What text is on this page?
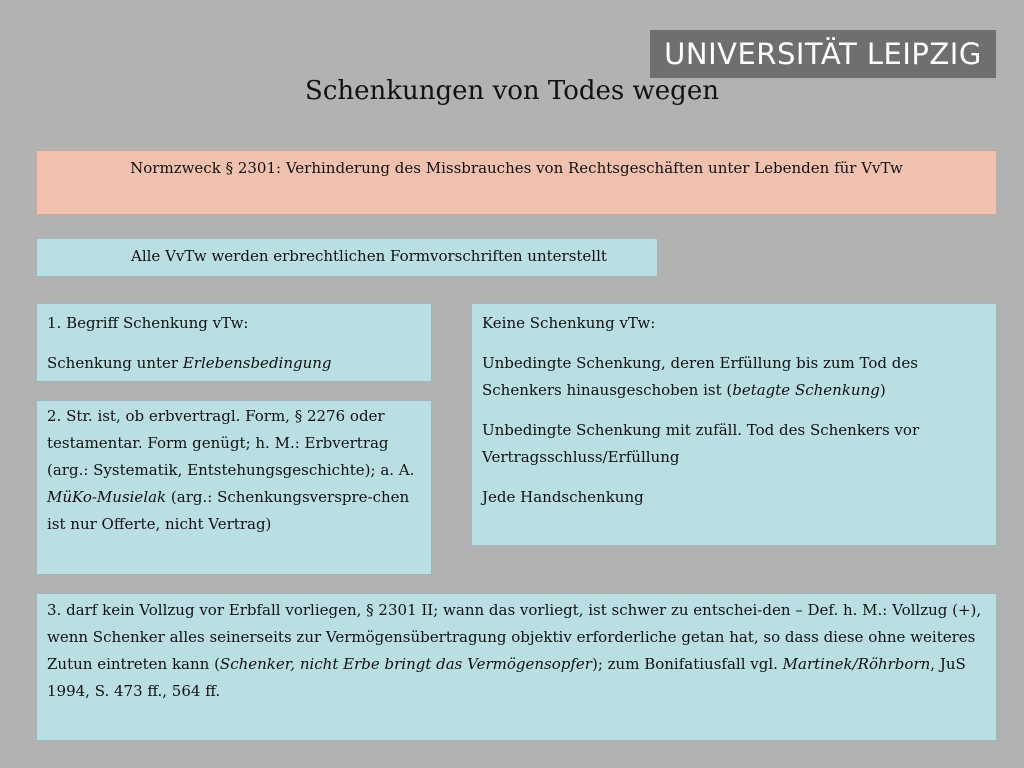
UNIVERSITÄT LEIPZIG
Schenkungen von Todes wegen
Normzweck § 2301: Verhinderung des Missbrauches von Rechtsgeschäften unter Lebenden für VvTw
Alle VvTw werden erbrechtlichen Formvorschriften unterstellt

1. Begriff Schenkung vTw:

Schenkung unter Erlebensbedingung

2. Str. ist, ob erbvertragl. Form, § 2276 oder testamentar. Form genügt; h. M.: Erbvertrag (arg.: Systematik, Entstehungsgeschichte); a. A. MüKo-Musielak (arg.: Schenkungsverspre-chen ist nur Offerte, nicht Vertrag)

Keine Schenkung vTw:

Unbedingte Schenkung, deren Erfüllung bis zum Tod des Schenkers hinausgeschoben ist (betagte Schenkung)

Unbedingte Schenkung mit zufäll. Tod des Schenkers vor Vertragsschluss/Erfüllung

Jede Handschenkung

3. darf kein Vollzug vor Erbfall vorliegen, § 2301 II; wann das vorliegt, ist schwer zu entschei-den – Def. h. M.: Vollzug (+), wenn Schenker alles seinerseits zur Vermögensübertragung objektiv erforderliche getan hat, so dass diese ohne weiteres Zutun eintreten kann (Schenker, nicht Erbe bringt das Vermögensopfer); zum Bonifatiusfall vgl. Martinek/Röhrborn, JuS 1994, S. 473 ff., 564 ff.
